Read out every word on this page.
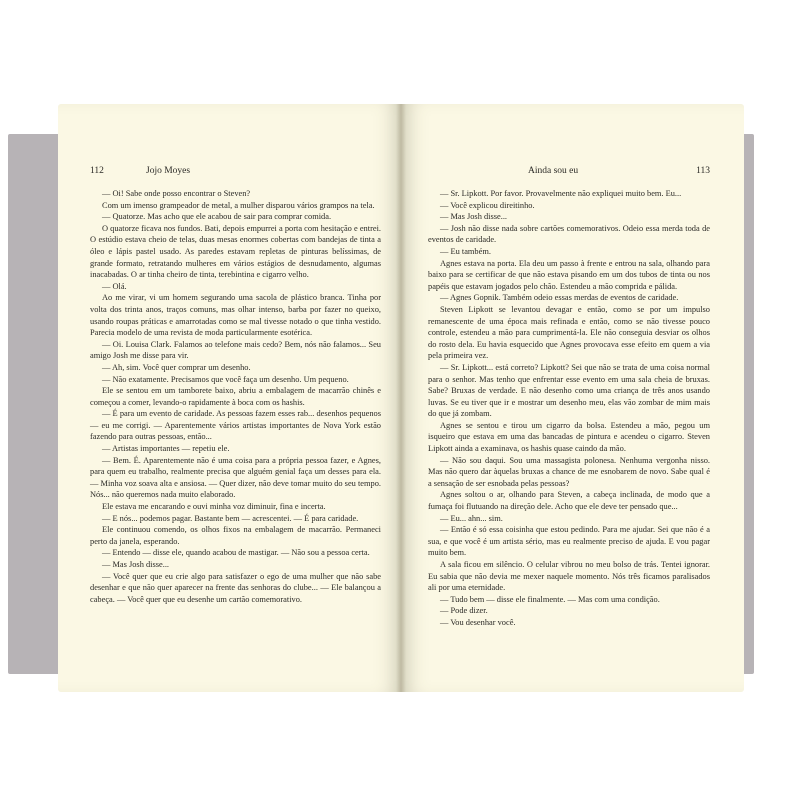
112	Jojo Moyes

— Oi! Sabe onde posso encontrar o Steven?

Com um imenso grampeador de metal, a mulher disparou vários grampos na tela.

— Quatorze. Mas acho que ele acabou de sair para comprar comida.

O quatorze ficava nos fundos. Bati, depois empurrei a porta com hesitação e entrei. O estúdio estava cheio de telas, duas mesas enormes cobertas com bandejas de tinta a óleo e lápis pastel usado. As paredes estavam repletas de pinturas belíssimas, de grande formato, retratando mulheres em vários estágios de desnudamento, algumas inacabadas. O ar tinha cheiro de tinta, terebintina e cigarro velho.

— Olá.

Ao me virar, vi um homem segurando uma sacola de plástico branca. Tinha por volta dos trinta anos, traços comuns, mas olhar intenso, barba por fazer no queixo, usando roupas práticas e amarrotadas como se mal tivesse notado o que tinha vestido. Parecia modelo de uma revista de moda particularmente esotérica.

— Oi. Louisa Clark. Falamos ao telefone mais cedo? Bem, nós não falamos... Seu amigo Josh me disse para vir.

— Ah, sim. Você quer comprar um desenho.

— Não exatamente. Precisamos que você faça um desenho. Um pequeno.

Ele se sentou em um tamborete baixo, abriu a embalagem de macarrão chinês e começou a comer, levando-o rapidamente à boca com os hashis.

— É para um evento de caridade. As pessoas fazem esses rab... desenhos pequenos — eu me corrigi. — Aparentemente vários artistas importantes de Nova York estão fazendo para outras pessoas, então...

— Artistas importantes — repetiu ele.

— Bem. É. Aparentemente não é uma coisa para a própria pessoa fazer, e Agnes, para quem eu trabalho, realmente precisa que alguém genial faça um desses para ela. — Minha voz soava alta e ansiosa. — Quer dizer, não deve tomar muito do seu tempo. Nós... não queremos nada muito elaborado.

Ele estava me encarando e ouvi minha voz diminuir, fina e incerta.

— E nós... podemos pagar. Bastante bem — acrescentei. — É para caridade.

Ele continuou comendo, os olhos fixos na embalagem de macarrão. Permaneci perto da janela, esperando.

— Entendo — disse ele, quando acabou de mastigar. — Não sou a pessoa certa.

— Mas Josh disse...

— Você quer que eu crie algo para satisfazer o ego de uma mulher que não sabe desenhar e que não quer aparecer na frente das senhoras do clube... — Ele balançou a cabeça. — Você quer que eu desenhe um cartão comemorativo.

Ainda sou eu	113

— Sr. Lipkott. Por favor. Provavelmente não expliquei muito bem. Eu...

— Você explicou direitinho.

— Mas Josh disse...

— Josh não disse nada sobre cartões comemorativos. Odeio essa merda toda de eventos de caridade.

— Eu também.

Agnes estava na porta. Ela deu um passo à frente e entrou na sala, olhando para baixo para se certificar de que não estava pisando em um dos tubos de tinta ou nos papéis que estavam jogados pelo chão. Estendeu a mão comprida e pálida.

— Agnes Gopnik. Também odeio essas merdas de eventos de caridade.

Steven Lipkott se levantou devagar e então, como se por um impulso remanescente de uma época mais refinada e então, como se não tivesse pouco controle, estendeu a mão para cumprimentá-la. Ele não conseguia desviar os olhos do rosto dela. Eu havia esquecido que Agnes provocava esse efeito em quem a via pela primeira vez.

— Sr. Lipkott... está correto? Lipkott? Sei que não se trata de uma coisa normal para o senhor. Mas tenho que enfrentar esse evento em uma sala cheia de bruxas. Sabe? Bruxas de verdade. E não desenho como uma criança de três anos usando luvas. Se eu tiver que ir e mostrar um desenho meu, elas vão zombar de mim mais do que já zombam.

Agnes se sentou e tirou um cigarro da bolsa. Estendeu a mão, pegou um isqueiro que estava em uma das bancadas de pintura e acendeu o cigarro. Steven Lipkott ainda a examinava, os hashis quase caindo da mão.

— Não sou daqui. Sou uma massagista polonesa. Nenhuma vergonha nisso. Mas não quero dar àquelas bruxas a chance de me esnobarem de novo. Sabe qual é a sensação de ser esnobada pelas pessoas?

Agnes soltou o ar, olhando para Steven, a cabeça inclinada, de modo que a fumaça foi flutuando na direção dele. Acho que ele deve ter pensado que...

— Eu... ahn... sim.

— Então é só essa coisinha que estou pedindo. Para me ajudar. Sei que não é a sua, e que você é um artista sério, mas eu realmente preciso de ajuda. E vou pagar muito bem.

A sala ficou em silêncio. O celular vibrou no meu bolso de trás. Tentei ignorar. Eu sabia que não devia me mexer naquele momento. Nós três ficamos paralisados ali por uma eternidade.

— Tudo bem — disse ele finalmente. — Mas com uma condição.

— Pode dizer.

— Vou desenhar você.
